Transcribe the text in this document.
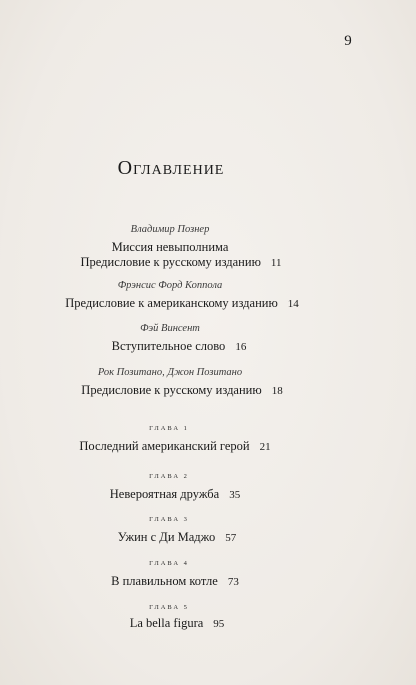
9
Оглавление
Владимир Познер
Миссия невыполнима
Предисловие к русскому изданию 11
Фрэнсис Форд Коппола
Предисловие к американскому изданию 14
Фэй Винсент
Вступительное слово 16
Рок Позитано, Джон Позитано
Предисловие к русскому изданию 18
ГЛАВА 1
Последний американский герой 21
ГЛАВА 2
Невероятная дружба 35
ГЛАВА 3
Ужин с Ди Маджо 57
ГЛАВА 4
В плавильном котле 73
ГЛАВА 5
La bella figura 95
